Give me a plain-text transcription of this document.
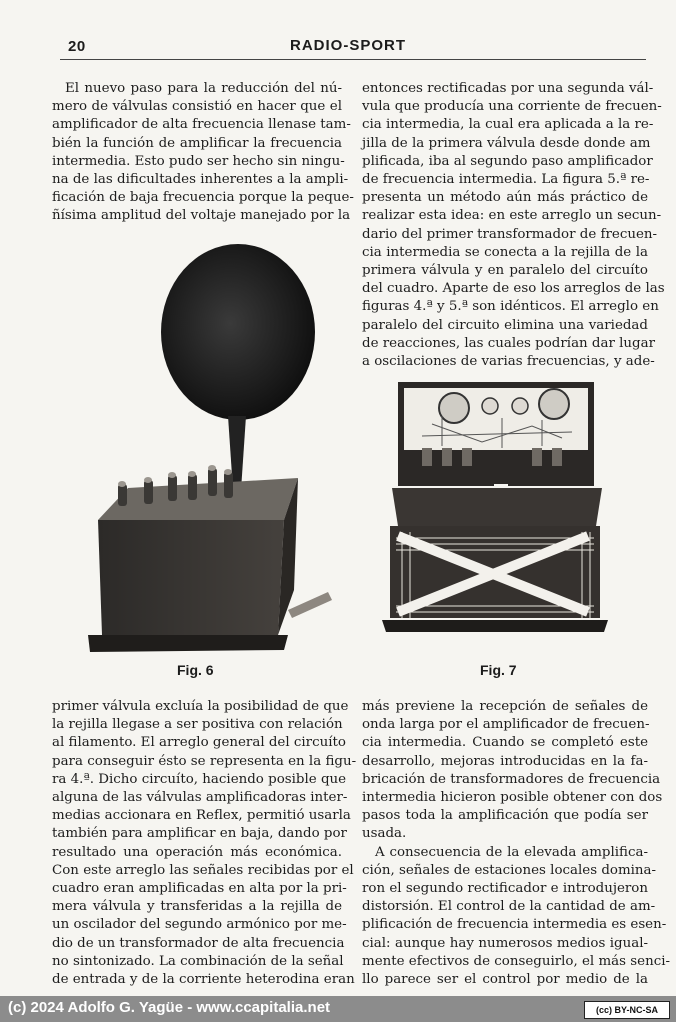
20	RADIO-SPORT
El nuevo paso para la reducción del nú-
mero de válvulas consistió en hacer que el
amplificador de alta frecuencia llenase tam-
bién la función de amplificar la frecuencia
intermedia. Esto pudo ser hecho sin ningu-
na de las dificultades inherentes a la ampli-
ficación de baja frecuencia porque la peque-
ñísima amplitud del voltaje manejado por la
entonces rectificadas por una segunda vál-
vula que producía una corriente de frecuen-
cia intermedia, la cual era aplicada a la re-
jilla de la primera válvula desde donde am
plificada, iba al segundo paso amplificador
de frecuencia intermedia. La figura 5.ª re-
presenta un método aún más práctico de
realizar esta idea: en este arreglo un secun-
dario del primer transformador de frecuen-
cia intermedia se conecta a la rejilla de la
primera válvula y en paralelo del circuíto
del cuadro. Aparte de eso los arreglos de las
figuras 4.ª y 5.ª son idénticos. El arreglo en
paralelo del circuito elimina una variedad
de reacciones, las cuales podrían dar lugar
a oscilaciones de varias frecuencias, y ade-
Fig. 6	Fig. 7
primer válvula excluía la posibilidad de que
la rejilla llegase a ser positiva con relación
al filamento. El arreglo general del circuíto
para conseguir ésto se representa en la figu-
ra 4.ª. Dicho circuíto, haciendo posible que
alguna de las válvulas amplificadoras inter-
medias accionara en Reflex, permitió usarla
también para amplificar en baja, dando por
resultado una operación más económica.
Con este arreglo las señales recibidas por el
cuadro eran amplificadas en alta por la pri-
mera válvula y transferidas a la rejilla de
un oscilador del segundo armónico por me-
dio de un transformador de alta frecuencia
no sintonizado. La combinación de la señal
de entrada y de la corriente heterodina eran
más previene la recepción de señales de
onda larga por el amplificador de frecuen-
cia intermedia. Cuando se completó este
desarrollo, mejoras introducidas en la fa-
bricación de transformadores de frecuencia
intermedia hicieron posible obtener con dos
pasos toda la amplificación que podía ser
usada.
A consecuencia de la elevada amplifica-
ción, señales de estaciones locales domina-
ron el segundo rectificador e introdujeron
distorsión. El control de la cantidad de am-
plificación de frecuencia intermedia es esen-
cial: aunque hay numerosos medios igual-
mente efectivos de conseguirlo, el más senci-
llo parece ser el control por medio de la
(c) 2024 Adolfo G. Yagüe - www.ccapitalia.net	(cc) BY-NC-SA
